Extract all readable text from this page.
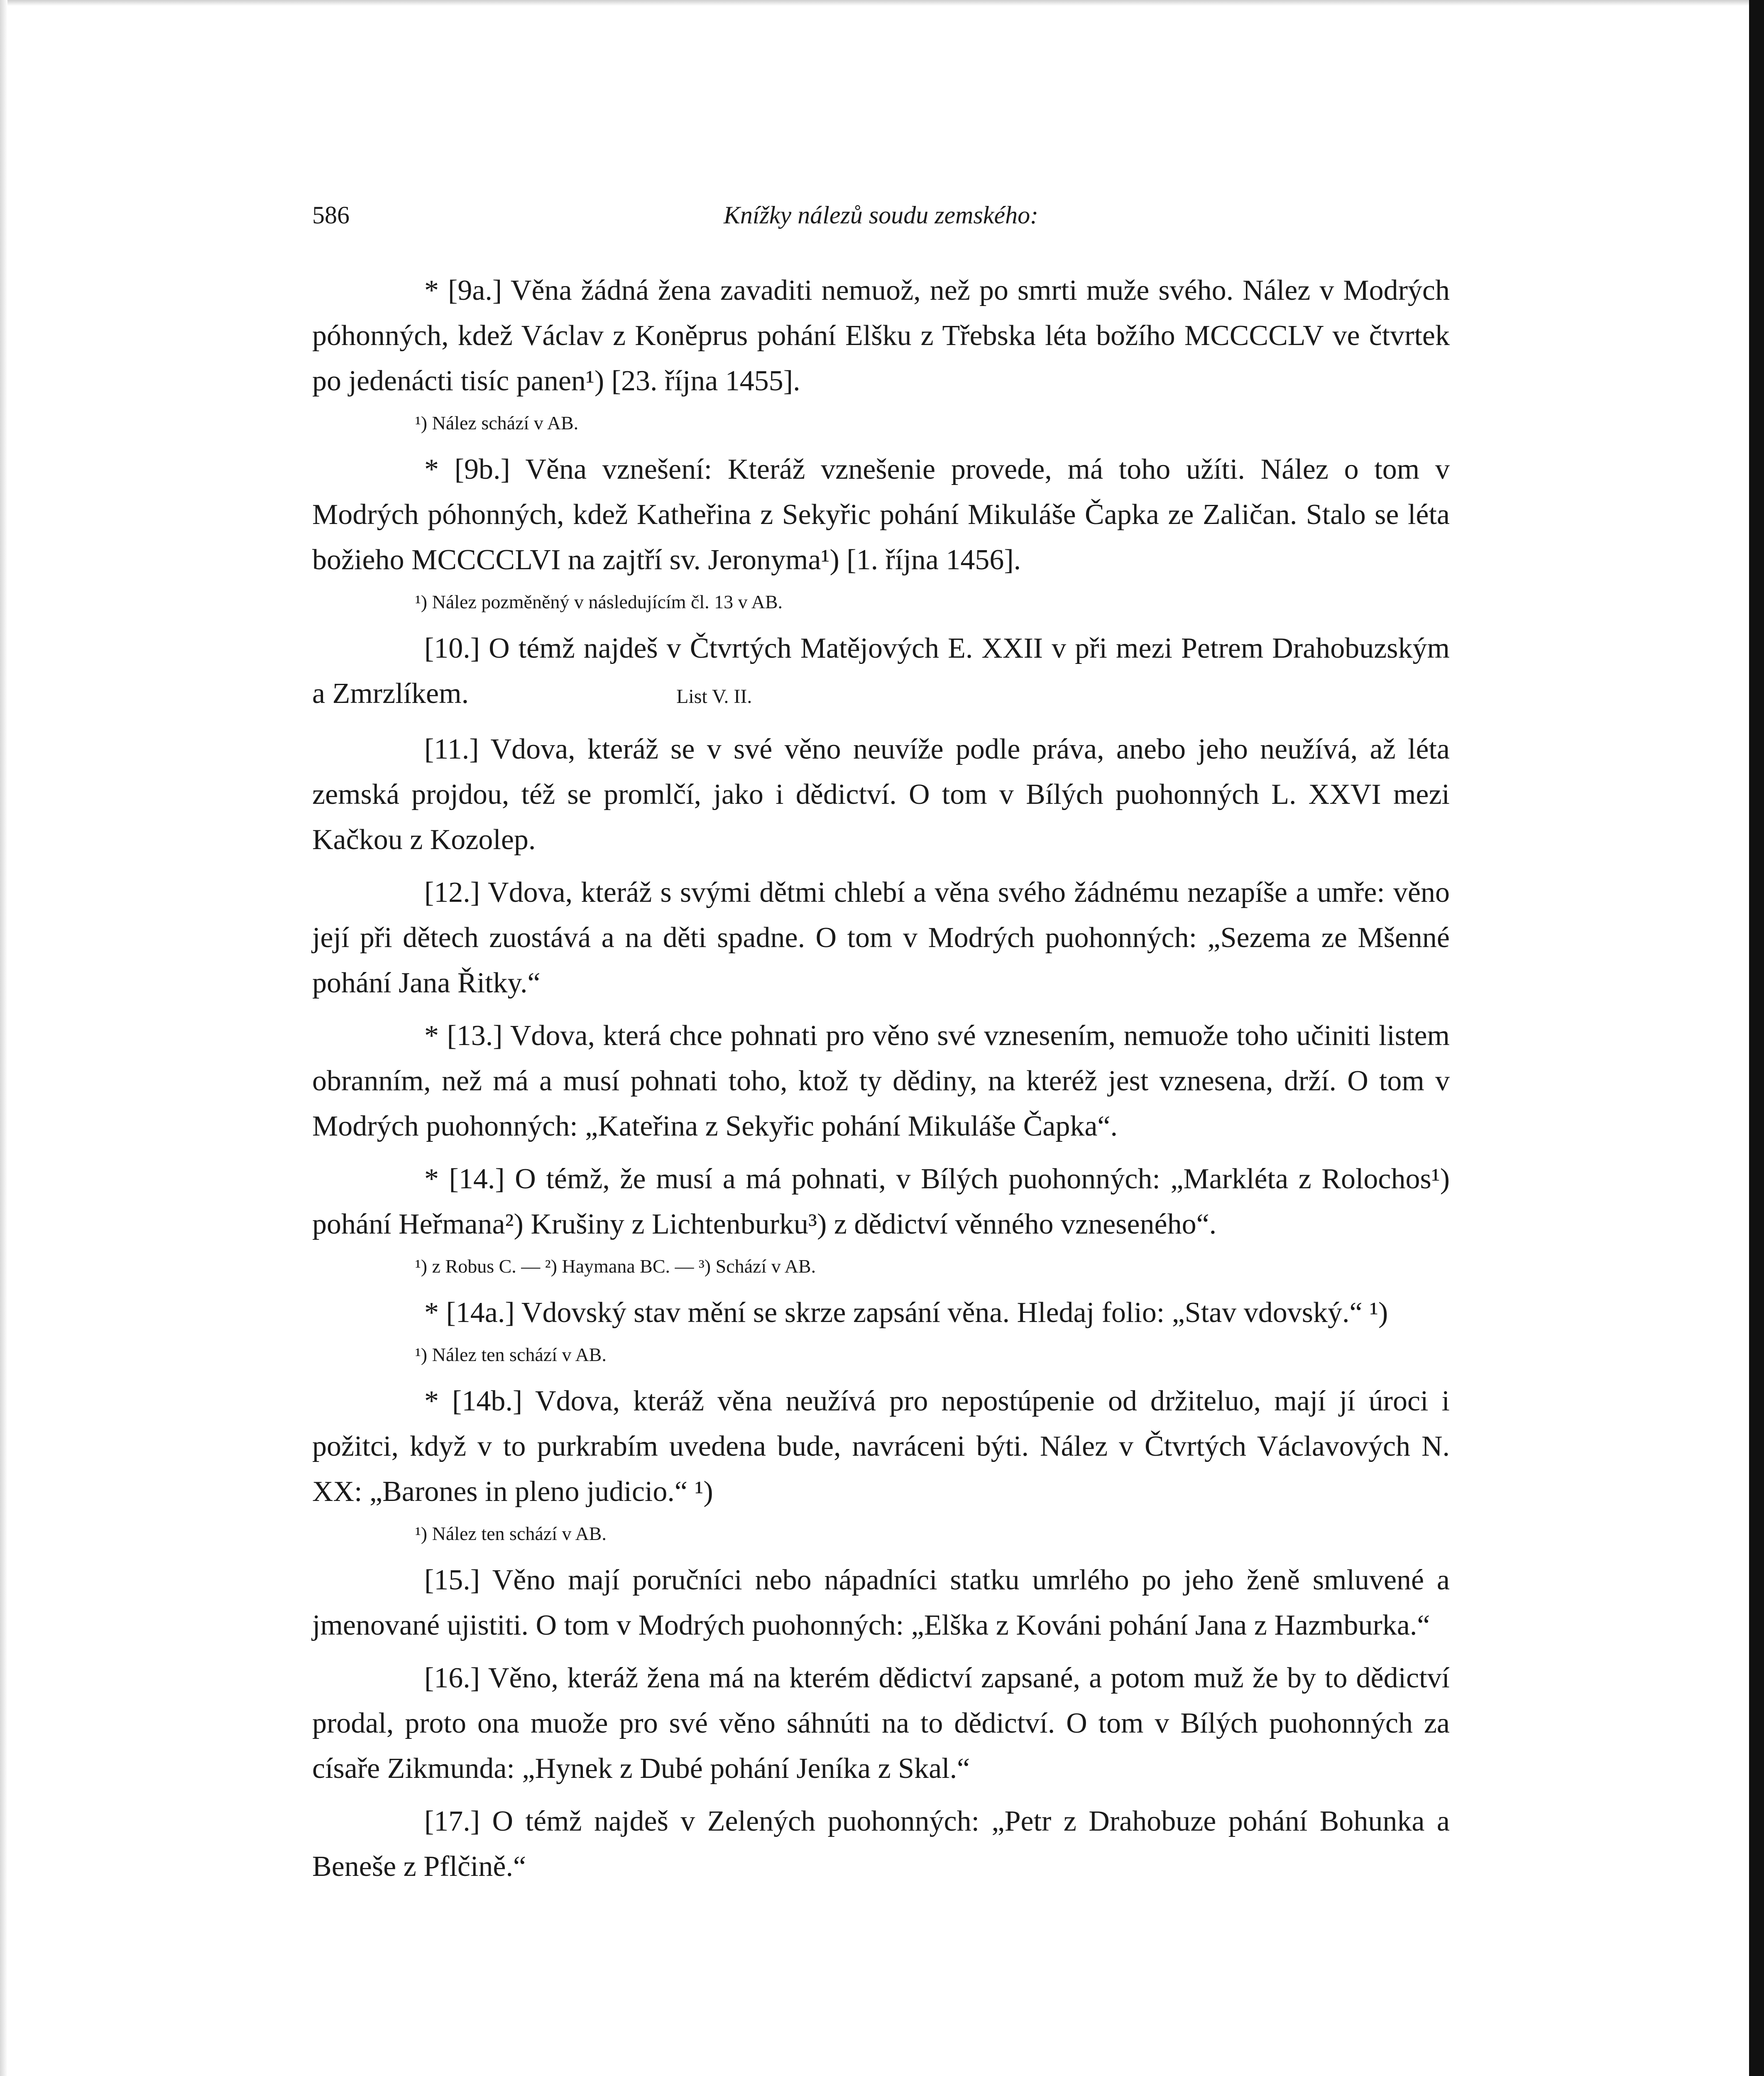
586	Knížky nálezů soudu zemského:

* [9a.] Věna žádná žena zavaditi nemuož, než po smrti muže svého. Nález v Modrých póhonných, kdež Václav z Koněprus pohání Elšku z Třebska léta božího MCCCCLV ve čtvrtek po jedenácti tisíc panen¹) [23. října 1455].

¹) Nález schází v AB.

* [9b.] Věna vznešení: Kteráž vznešenie provede, má toho užíti. Nález o tom v Modrých póhonných, kdež Katheřina z Sekyřic pohání Mikuláše Čapka ze Zaličan. Stalo se léta božieho MCCCCLVI na zajtří sv. Jeronyma¹) [1. října 1456].

¹) Nález pozměněný v následujícím čl. 13 v AB.

[10.] O témž najdeš v Čtvrtých Matějových E. XXII v při mezi Petrem Drahobuzským a Zmrzlíkem.	List V. II.

[11.] Vdova, kteráž se v své věno neuvíže podle práva, anebo jeho neužívá, až léta zemská projdou, též se promlčí, jako i dědictví. O tom v Bílých puohonných L. XXVI mezi Kačkou z Kozolep.

[12.] Vdova, kteráž s svými dětmi chlebí a věna svého žádnému nezapíše a umře: věno její při dětech zuostává a na děti spadne. O tom v Modrých puohonných: „Sezema ze Mšenné pohání Jana Řitky.“

* [13.] Vdova, která chce pohnati pro věno své vznesením, nemuože toho učiniti listem obranním, než má a musí pohnati toho, ktož ty dědiny, na kteréž jest vznesena, drží. O tom v Modrých puohonných: „Kateřina z Sekyřic pohání Mikuláše Čapka“.

* [14.] O témž, že musí a má pohnati, v Bílých puohonných: „Markléta z Rolochos¹) pohání Heřmana²) Krušiny z Lichtenburku³) z dědictví věnného vzneseného“.

¹) z Robus C. — ²) Haymana BC. — ³) Schází v AB.

* [14a.] Vdovský stav mění se skrze zapsání věna. Hledaj folio: „Stav vdovský.“ ¹)

¹) Nález ten schází v AB.

* [14b.] Vdova, kteráž věna neužívá pro nepostúpenie od držiteluo, mají jí úroci i požitci, když v to purkrabím uvedena bude, navráceni býti. Nález v Čtvrtých Václavových N. XX: „Barones in pleno judicio.“ ¹)

¹) Nález ten schází v AB.

[15.] Věno mají poručníci nebo nápadníci statku umrlého po jeho ženě smluvené a jmenované ujistiti. O tom v Modrých puohonných: „Elška z Kováni pohání Jana z Hazmburka.“

[16.] Věno, kteráž žena má na kterém dědictví zapsané, a potom muž že by to dědictví prodal, proto ona muože pro své věno sáhnúti na to dědictví. O tom v Bílých puohonných za císaře Zikmunda: „Hynek z Dubé pohání Jeníka z Skal.“

[17.] O témž najdeš v Zelených puohonných: „Petr z Drahobuze pohání Bohunka a Beneše z Pflčině.“
